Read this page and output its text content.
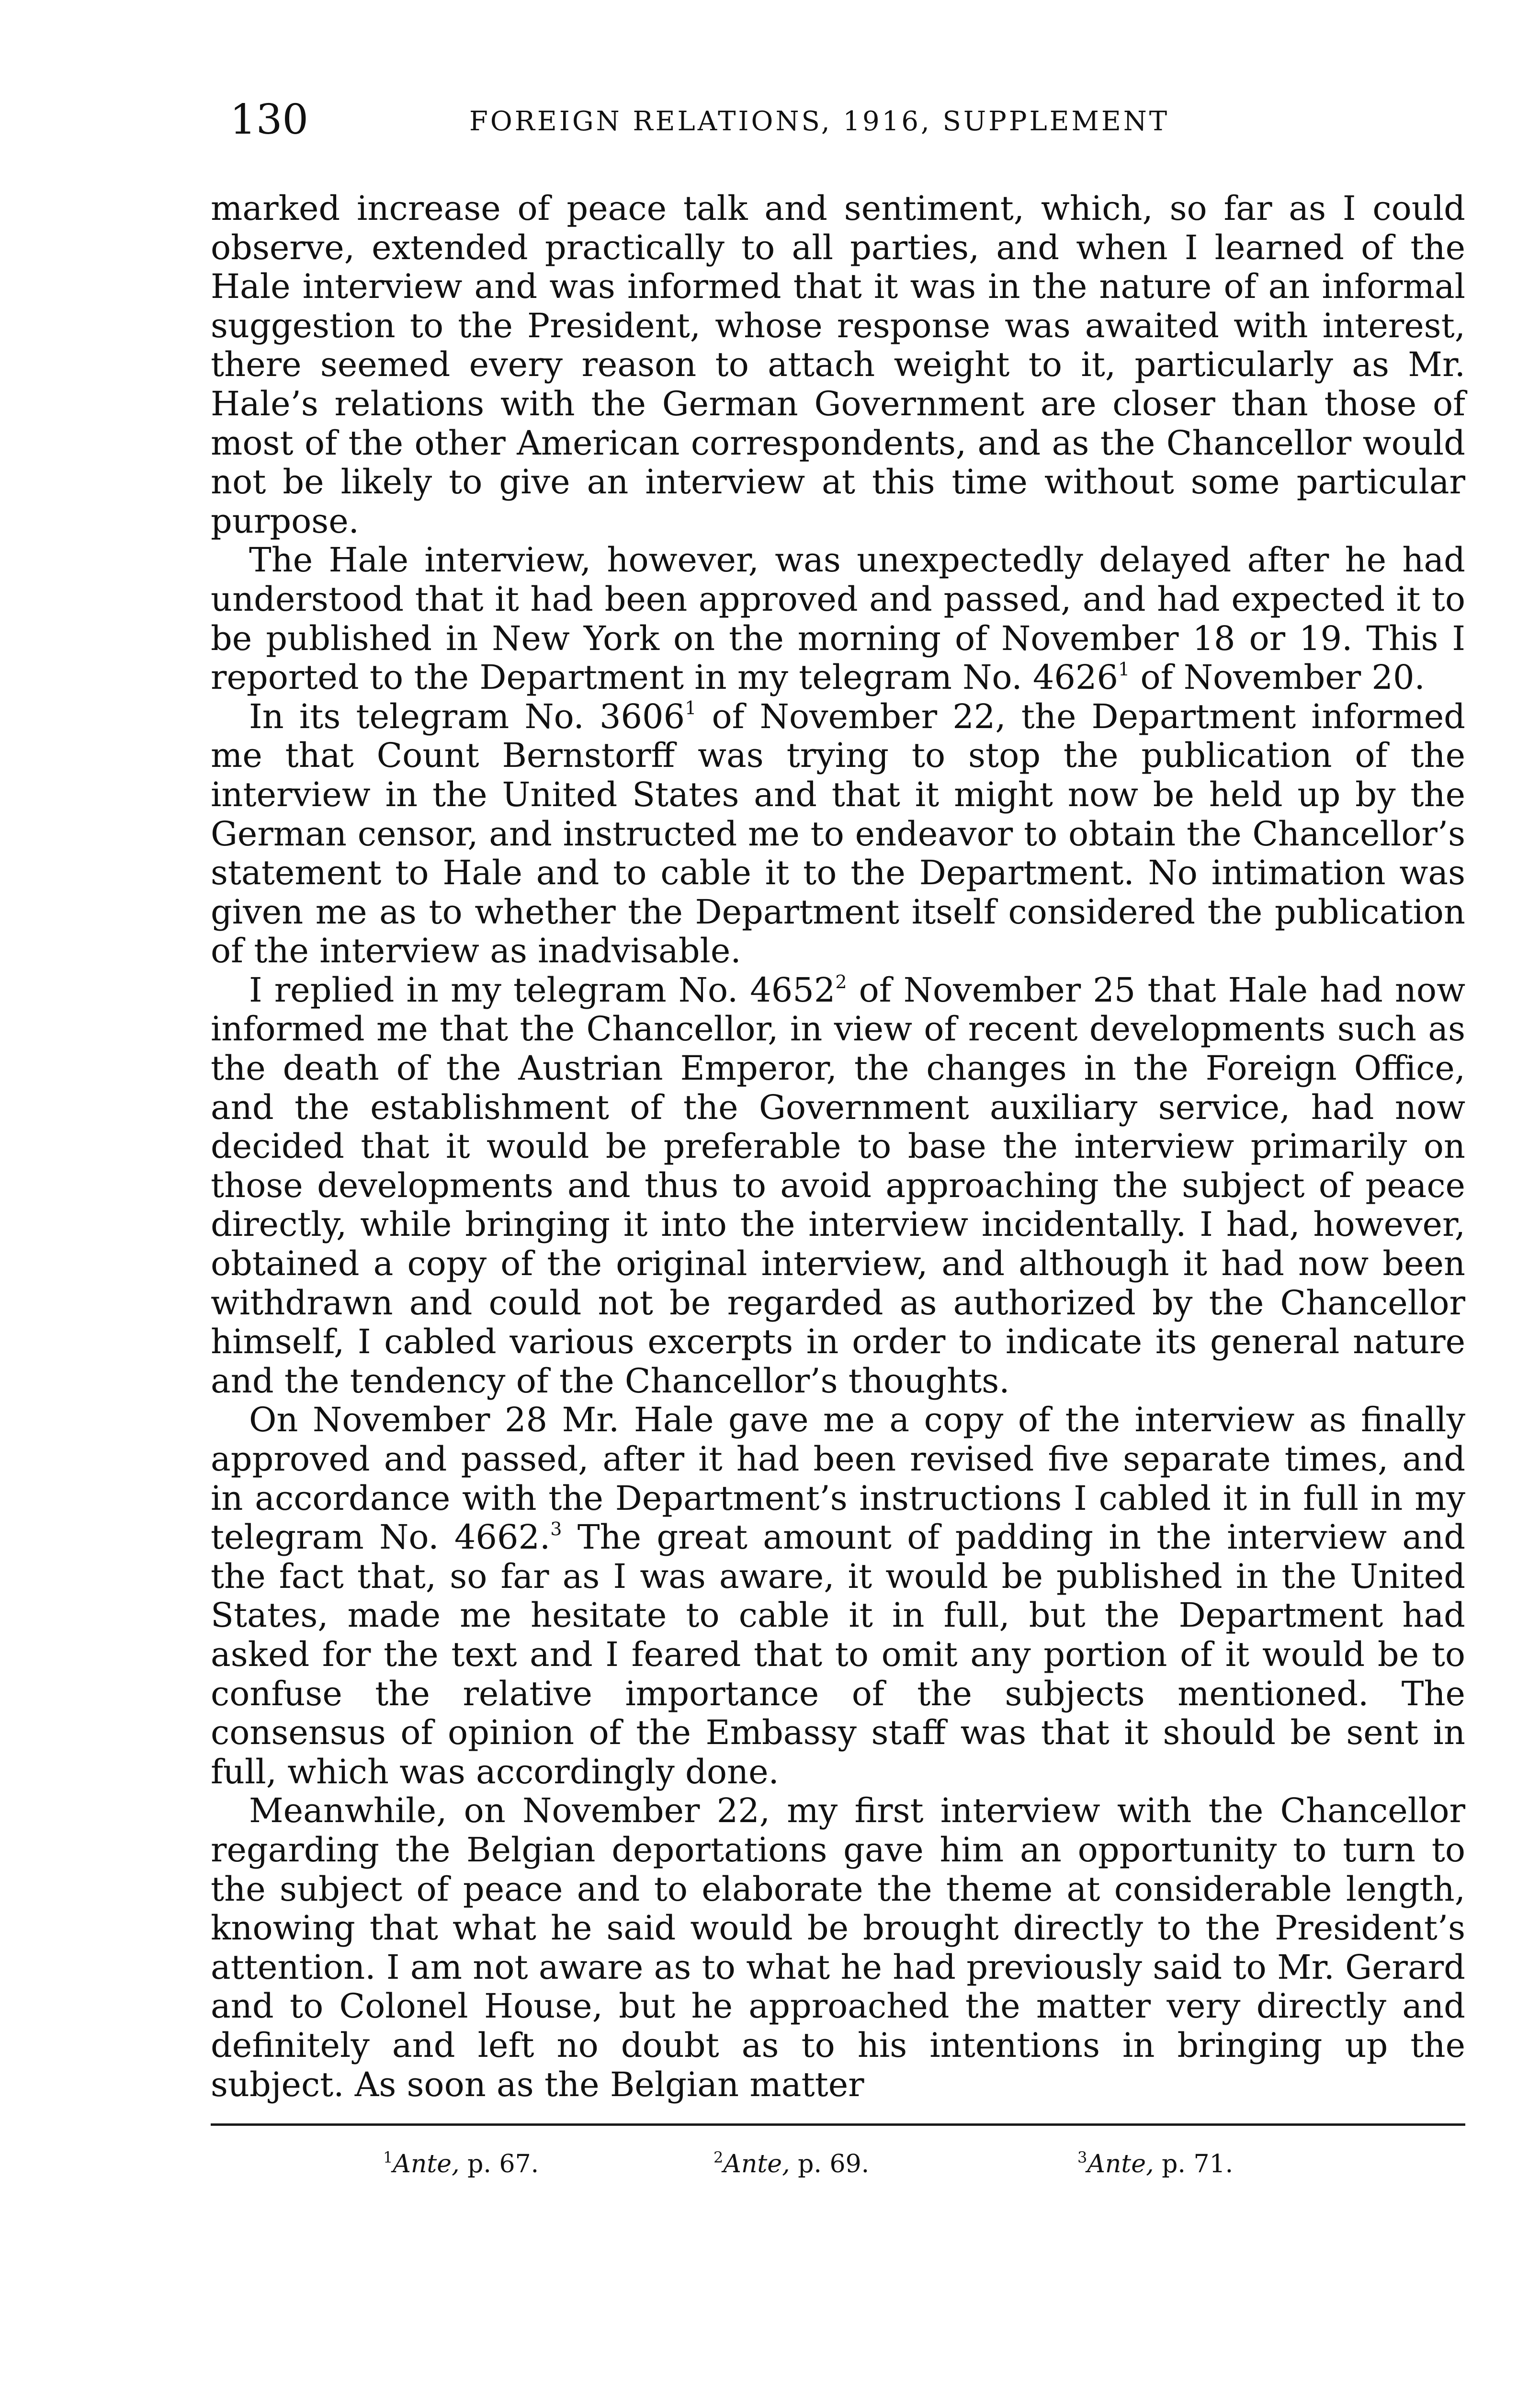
130	FOREIGN RELATIONS, 1916, SUPPLEMENT

marked increase of peace talk and sentiment, which, so far as I could observe, extended practically to all parties, and when I learned of the Hale interview and was informed that it was in the nature of an informal suggestion to the President, whose response was awaited with interest, there seemed every reason to attach weight to it, particularly as Mr. Hale’s relations with the German Government are closer than those of most of the other American correspondents, and as the Chancellor would not be likely to give an interview at this time without some particular purpose.

The Hale interview, however, was unexpectedly delayed after he had understood that it had been approved and passed, and had expected it to be published in New York on the morning of November 18 or 19. This I reported to the Department in my telegram No. 4626$^1$ of November 20.

In its telegram No. 3606$^1$ of November 22, the Department informed me that Count Bernstorff was trying to stop the publication of the interview in the United States and that it might now be held up by the German censor, and instructed me to endeavor to obtain the Chancellor’s statement to Hale and to cable it to the Department. No intimation was given me as to whether the Department itself considered the publication of the interview as inadvisable.

I replied in my telegram No. 4652$^2$ of November 25 that Hale had now informed me that the Chancellor, in view of recent developments such as the death of the Austrian Emperor, the changes in the Foreign Office, and the establishment of the Government auxiliary service, had now decided that it would be preferable to base the interview primarily on those developments and thus to avoid approaching the subject of peace directly, while bringing it into the interview incidentally. I had, however, obtained a copy of the original interview, and although it had now been withdrawn and could not be regarded as authorized by the Chancellor himself, I cabled various excerpts in order to indicate its general nature and the tendency of the Chancellor’s thoughts.

On November 28 Mr. Hale gave me a copy of the interview as finally approved and passed, after it had been revised five separate times, and in accordance with the Department’s instructions I cabled it in full in my telegram No. 4662.$^3$ The great amount of padding in the interview and the fact that, so far as I was aware, it would be published in the United States, made me hesitate to cable it in full, but the Department had asked for the text and I feared that to omit any portion of it would be to confuse the relative importance of the subjects mentioned. The consensus of opinion of the Embassy staff was that it should be sent in full, which was accordingly done.

Meanwhile, on November 22, my first interview with the Chancellor regarding the Belgian deportations gave him an opportunity to turn to the subject of peace and to elaborate the theme at considerable length, knowing that what he said would be brought directly to the President’s attention. I am not aware as to what he had previously said to Mr. Gerard and to Colonel House, but he approached the matter very directly and definitely and left no doubt as to his intentions in bringing up the subject. As soon as the Belgian matter

$^1$Ante, p. 67.	$^2$Ante, p. 69.	$^3$Ante, p. 71.
